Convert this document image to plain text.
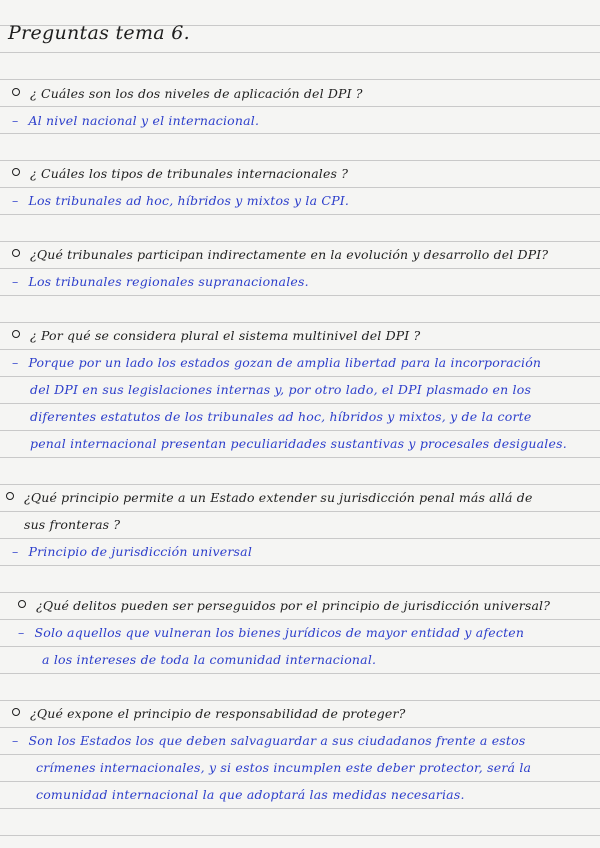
Preguntas tema 6.
¿ Cuáles son los dos niveles de aplicación del DPI ?
– Al nivel nacional y el internacional.
¿ Cuáles los tipos de tribunales internacionales ?
– Los tribunales ad hoc, híbridos y mixtos y la CPI.
¿Qué tribunales participan indirectamente en la evolución y desarrollo del DPI?
– Los tribunales regionales supranacionales.
¿ Por qué se considera plural el sistema multinivel del DPI ?
– Porque por un lado los estados gozan de amplia libertad para la incorporación
del DPI en sus legislaciones internas y, por otro lado, el DPI plasmado en los
diferentes estatutos de los tribunales ad hoc, híbridos y mixtos, y de la corte
penal internacional presentan peculiaridades sustantivas y procesales desiguales.
¿Qué principio permite a un Estado extender su jurisdicción penal más allá de
sus fronteras ?
– Principio de jurisdicción universal
¿Qué delitos pueden ser perseguidos por el principio de jurisdicción universal?
– Solo aquellos que vulneran los bienes jurídicos de mayor entidad y afecten
a los intereses de toda la comunidad internacional.
¿Qué expone el principio de responsabilidad de proteger?
– Son los Estados los que deben salvaguardar a sus ciudadanos frente a estos
crímenes internacionales, y si estos incumplen este deber protector, será la
comunidad internacional la que adoptará las medidas necesarias.
